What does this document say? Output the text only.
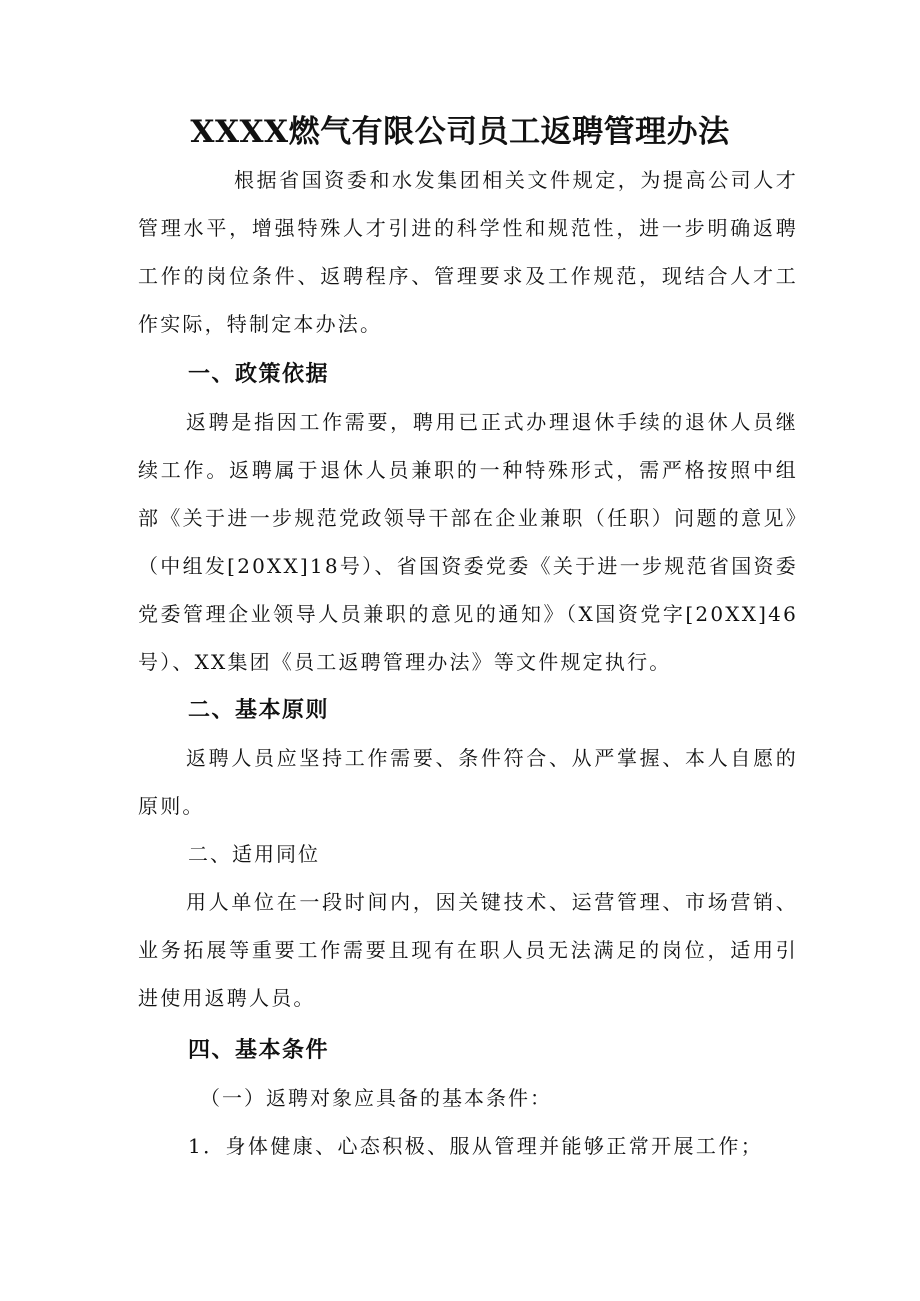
XXXX燃气有限公司员工返聘管理办法

根据省国资委和水发集团相关文件规定，为提高公司人才管理水平，增强特殊人才引进的科学性和规范性，进一步明确返聘工作的岗位条件、返聘程序、管理要求及工作规范，现结合人才工作实际，特制定本办法。

一、政策依据

返聘是指因工作需要，聘用已正式办理退休手续的退休人员继续工作。返聘属于退休人员兼职的一种特殊形式，需严格按照中组部《关于进一步规范党政领导干部在企业兼职（任职）问题的意见》（中组发[20XX]18号）、省国资委党委《关于进一步规范省国资委党委管理企业领导人员兼职的意见的通知》（X国资党字[20XX]46号）、XX集团《员工返聘管理办法》等文件规定执行。

二、基本原则

返聘人员应坚持工作需要、条件符合、从严掌握、本人自愿的原则。

二、适用同位

用人单位在一段时间内，因关键技术、运营管理、市场营销、业务拓展等重要工作需要且现有在职人员无法满足的岗位，适用引进使用返聘人员。

四、基本条件

（一）返聘对象应具备的基本条件：

1．身体健康、心态积极、服从管理并能够正常开展工作；
